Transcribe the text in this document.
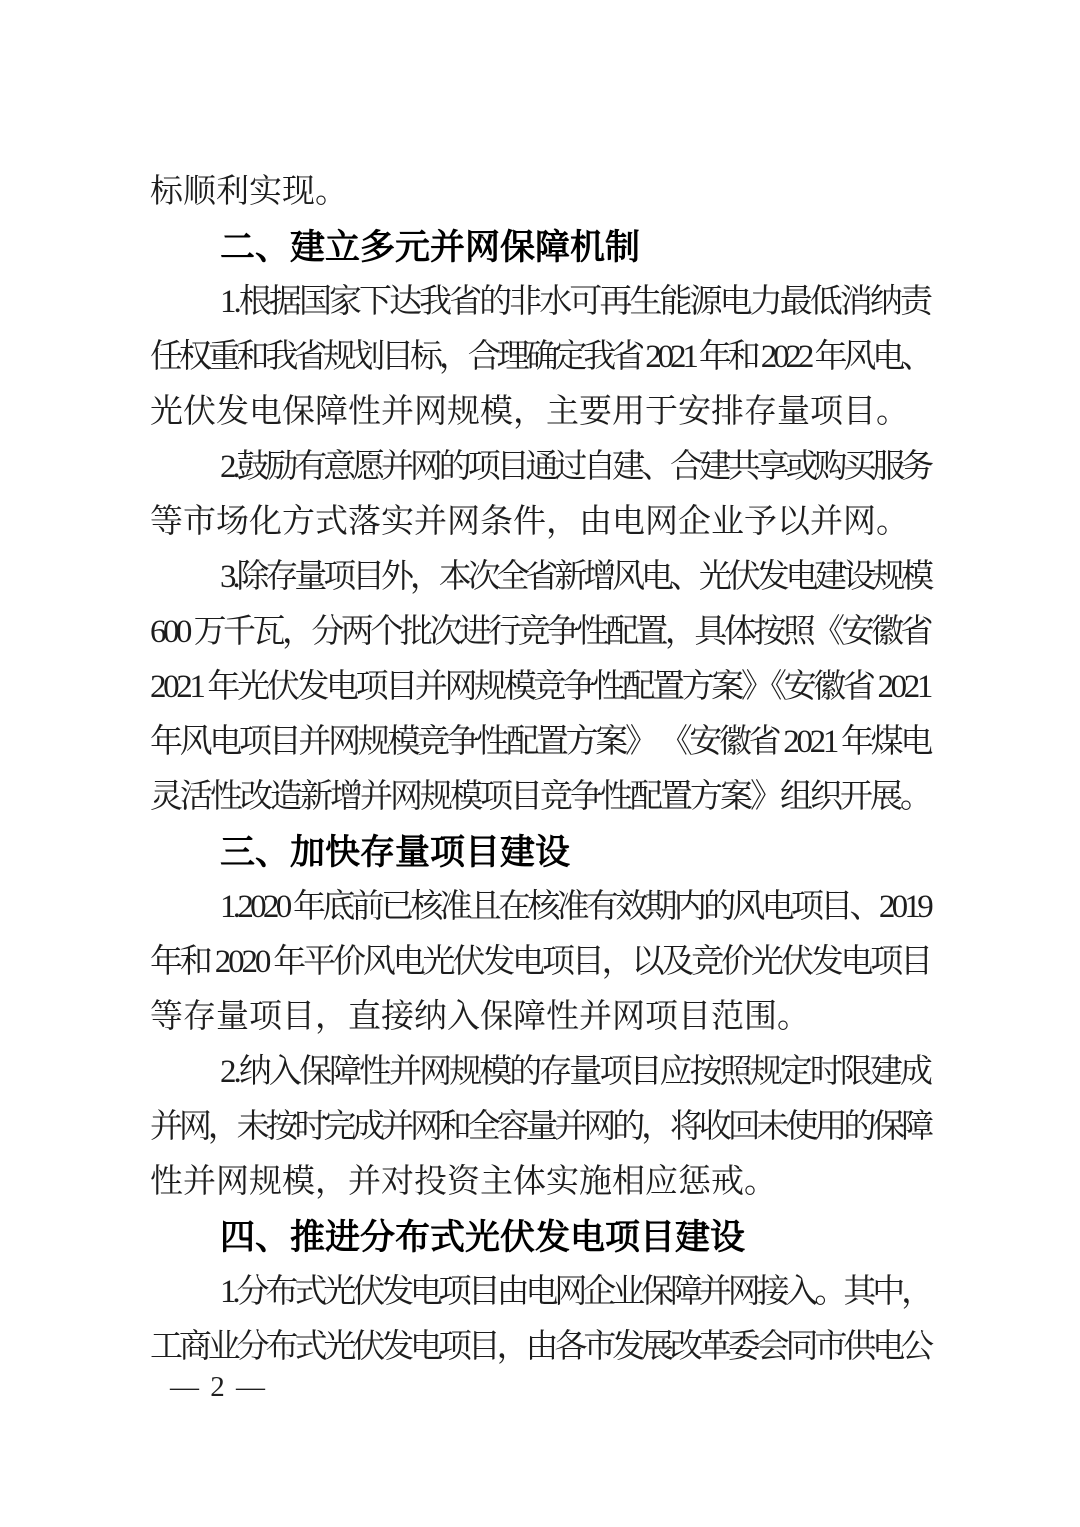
标顺利实现。
二、建立多元并网保障机制
1.根据国家下达我省的非水可再生能源电力最低消纳责
任权重和我省规划目标，合理确定我省 2021 年和 2022 年风电、
光伏发电保障性并网规模，主要用于安排存量项目。
2.鼓励有意愿并网的项目通过自建、合建共享或购买服务
等市场化方式落实并网条件，由电网企业予以并网。
3.除存量项目外，本次全省新增风电、光伏发电建设规模
600 万千瓦，分两个批次进行竞争性配置，具体按照《安徽省
2021 年光伏发电项目并网规模竞争性配置方案》《安徽省 2021
年风电项目并网规模竞争性配置方案》 《安徽省 2021 年煤电
灵活性改造新增并网规模项目竞争性配置方案》组织开展。
三、加快存量项目建设
1.2020 年底前已核准且在核准有效期内的风电项目、2019
年和 2020 年平价风电光伏发电项目，以及竞价光伏发电项目
等存量项目，直接纳入保障性并网项目范围。
2.纳入保障性并网规模的存量项目应按照规定时限建成
并网，未按时完成并网和全容量并网的，将收回未使用的保障
性并网规模，并对投资主体实施相应惩戒。
四、推进分布式光伏发电项目建设
1.分布式光伏发电项目由电网企业保障并网接入。其中，
工商业分布式光伏发电项目，由各市发展改革委会同市供电公
— 2 —
